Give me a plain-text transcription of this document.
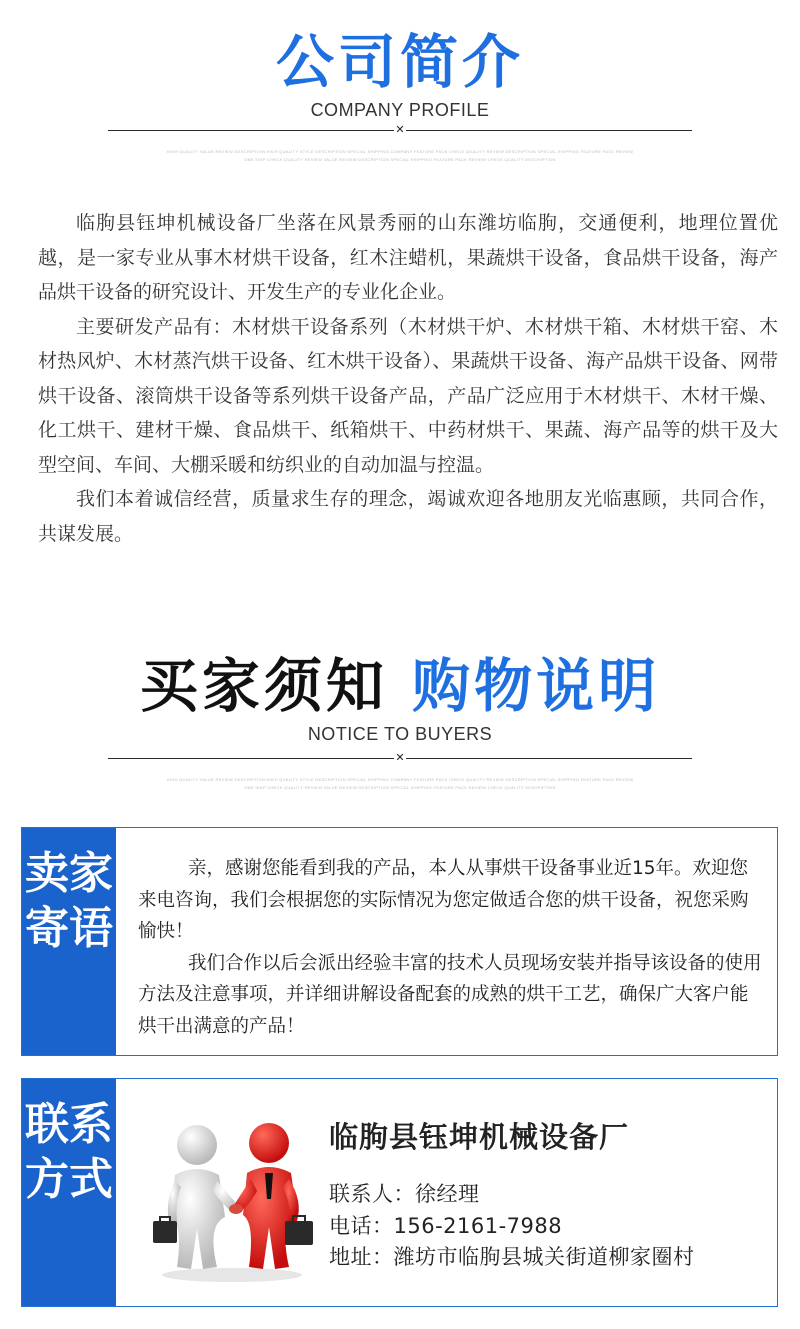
公司简介
COMPANY PROFILE
✕
HIGH QUALITY VALUE REVIEW DESCRIPTION HIGH QUALITY STYLE DESCRIPTION SPECIAL SHIPPING COMPANY FEATURE PACK CHECK QUALITY REVIEW DESCRIPTION SPECIAL SHIPPING FEATURE PACK REVIEW
ONE SHIP CHECK QUALITY REVIEW VALUE REVIEW DESCRIPTION SPECIAL SHIPPING FEATURE PACK REVIEW CHECK QUALITY DESCRIPTION

临朐县钰坤机械设备厂坐落在风景秀丽的山东潍坊临朐，交通便利，地理位置优越，是一家专业从事木材烘干设备，红木注蜡机，果蔬烘干设备，食品烘干设备，海产品烘干设备的研究设计、开发生产的专业化企业。

主要研发产品有：木材烘干设备系列（木材烘干炉、木材烘干箱、木材烘干窑、木材热风炉、木材蒸汽烘干设备、红木烘干设备）、果蔬烘干设备、海产品烘干设备、网带烘干设备、滚筒烘干设备等系列烘干设备产品，产品广泛应用于木材烘干、木材干燥、化工烘干、建材干燥、食品烘干、纸箱烘干、中药材烘干、果蔬、海产品等的烘干及大型空间、车间、大棚采暖和纺织业的自动加温与控温。

我们本着诚信经营，质量求生存的理念，竭诚欢迎各地朋友光临惠顾，共同合作，共谋发展。

买家须知 购物说明
NOTICE TO BUYERS
✕
HIGH QUALITY VALUE REVIEW DESCRIPTION HIGH QUALITY STYLE DESCRIPTION SPECIAL SHIPPING COMPANY FEATURE PACK CHECK QUALITY REVIEW DESCRIPTION SPECIAL SHIPPING FEATURE PACK REVIEW
ONE SHIP CHECK QUALITY REVIEW VALUE REVIEW DESCRIPTION SPECIAL SHIPPING FEATURE PACK REVIEW CHECK QUALITY DESCRIPTION
卖家寄语

亲，感谢您能看到我的产品，本人从事烘干设备事业近15年。欢迎您来电咨询，我们会根据您的实际情况为您定做适合您的烘干设备，祝您采购愉快！

我们合作以后会派出经验丰富的技术人员现场安装并指导该设备的使用方法及注意事项，并详细讲解设备配套的成熟的烘干工艺，确保广大客户能烘干出满意的产品！

联系方式
临朐县钰坤机械设备厂
联系人：徐经理
电话：156-2161-7988
地址：潍坊市临朐县城关街道柳家圈村
